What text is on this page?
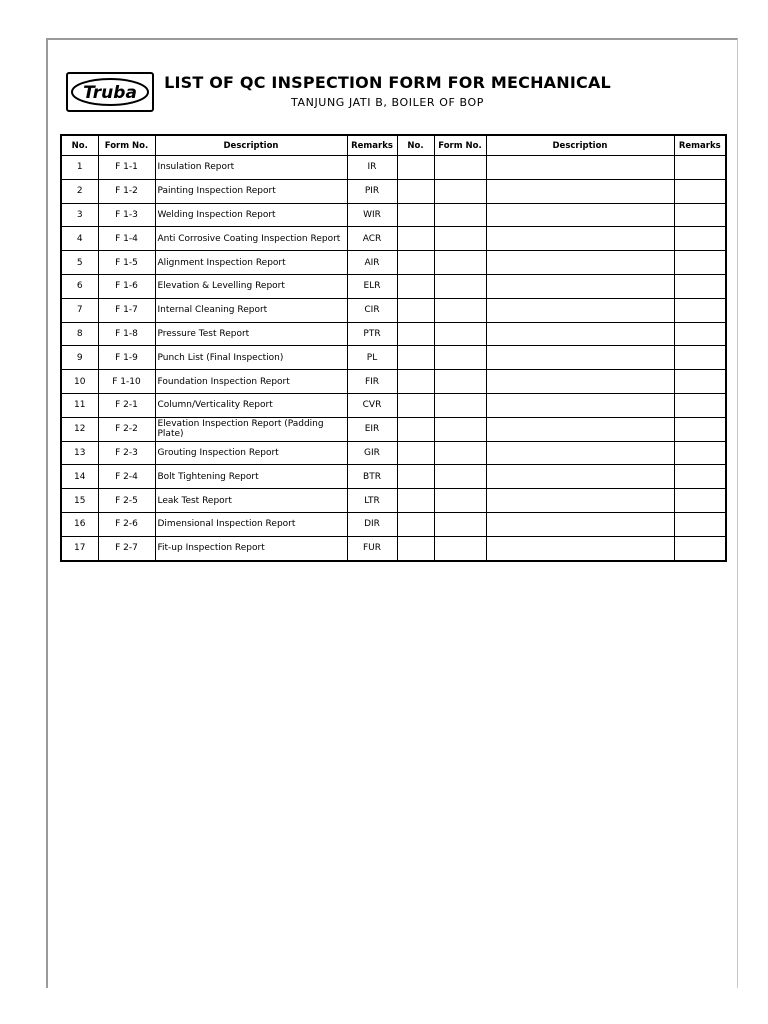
Truba
LIST OF QC INSPECTION FORM FOR MECHANICAL
TANJUNG JATI B, BOILER OF BOP
No.	Form No.	Description	Remarks	No.	Form No.	Description	Remarks
1	F 1-1	Insulation Report	IR				
2	F 1-2	Painting Inspection Report	PIR				
3	F 1-3	Welding Inspection Report	WIR				
4	F 1-4	Anti Corrosive Coating Inspection Report	ACR				
5	F 1-5	Alignment Inspection Report	AIR				
6	F 1-6	Elevation & Levelling Report	ELR				
7	F 1-7	Internal Cleaning Report	CIR				
8	F 1-8	Pressure Test Report	PTR				
9	F 1-9	Punch List (Final Inspection)	PL				
10	F 1-10	Foundation Inspection Report	FIR				
11	F 2-1	Column/Verticality Report	CVR				
12	F 2-2	Elevation Inspection Report (Padding Plate)	EIR				
13	F 2-3	Grouting Inspection Report	GIR				
14	F 2-4	Bolt Tightening Report	BTR				
15	F 2-5	Leak Test Report	LTR				
16	F 2-6	Dimensional Inspection Report	DIR				
17	F 2-7	Fit-up Inspection Report	FUR				
